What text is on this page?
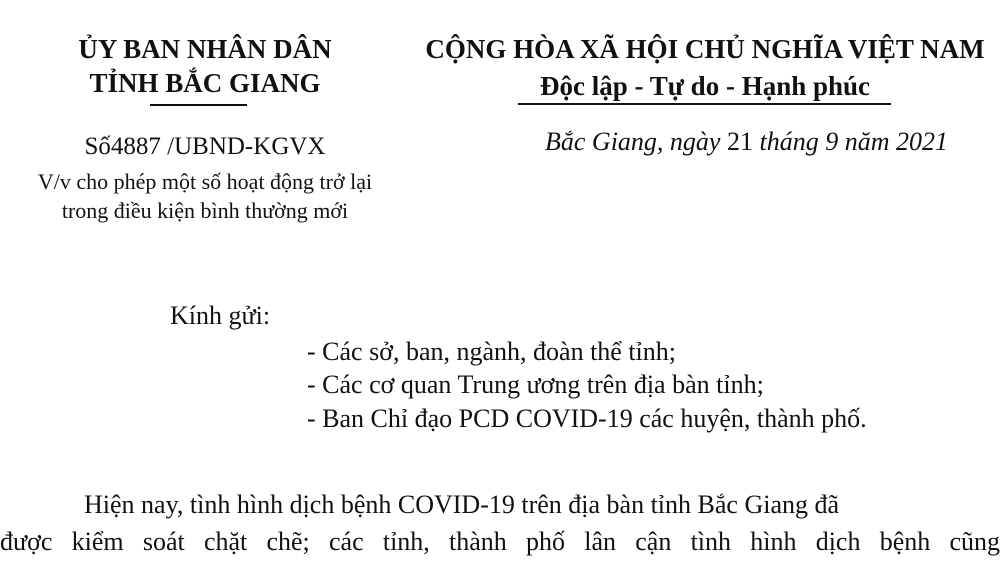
ỦY BAN NHÂN DÂN
TỈNH BẮC GIANG
CỘNG HÒA XÃ HỘI CHỦ NGHĨA VIỆT NAM
Độc lập - Tự do - Hạnh phúc
Số4887 /UBND-KGVX
V/v cho phép một số hoạt động trở lại
trong điều kiện bình thường mới
Bắc Giang, ngày 21 tháng 9 năm 2021
Kính gửi:
- Các sở, ban, ngành, đoàn thể tỉnh;
- Các cơ quan Trung ương trên địa bàn tỉnh;
- Ban Chỉ đạo PCD COVID-19 các huyện, thành phố.
Hiện nay, tình hình dịch bệnh COVID-19 trên địa bàn tỉnh Bắc Giang đã
được kiểm soát chặt chẽ; các tỉnh, thành phố lân cận tình hình dịch bệnh cũng
